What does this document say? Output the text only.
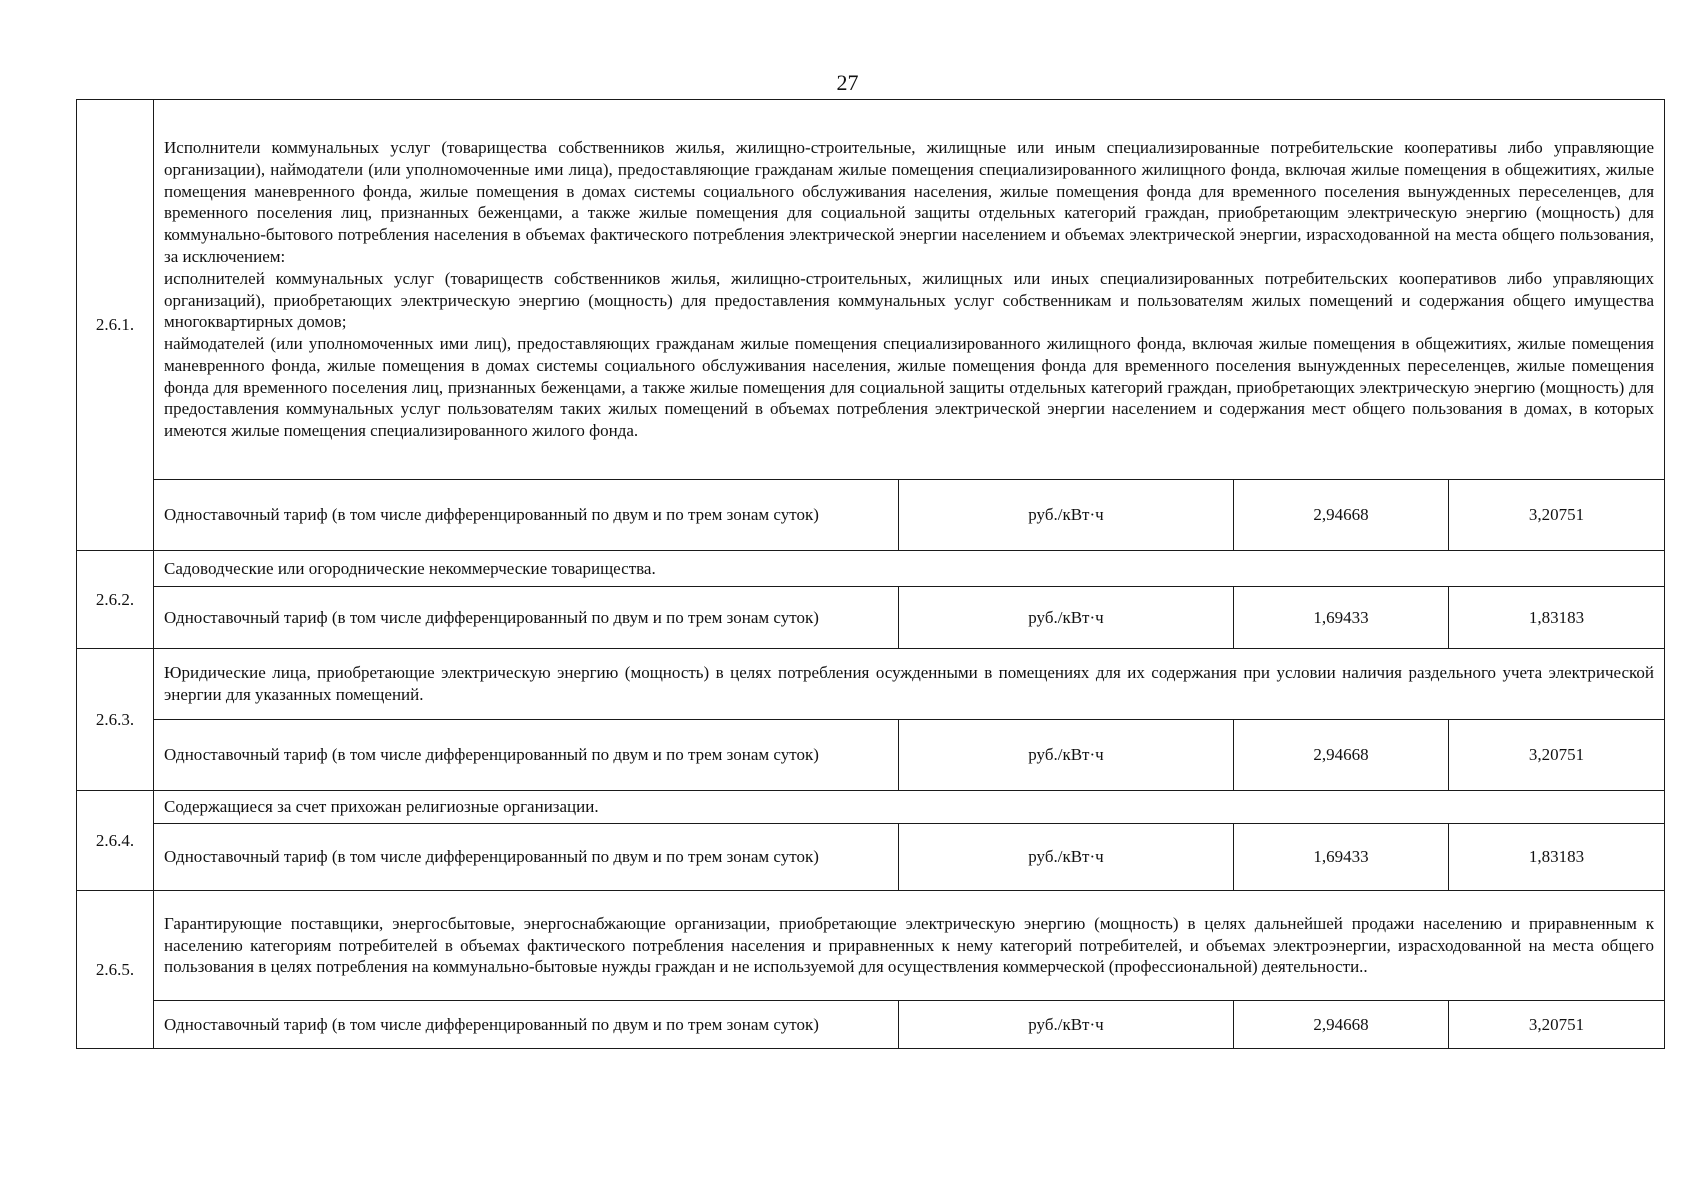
27
2.6.1.	Исполнители коммунальных услуг (товарищества собственников жилья, жилищно-строительные, жилищные или иным специализированные потребительские кооперативы либо управляющие организации), наймодатели (или уполномоченные ими лица), предоставляющие гражданам жилые помещения специализированного жилищного фонда, включая жилые помещения в общежитиях, жилые помещения маневренного фонда, жилые помещения в домах системы социального обслуживания населения, жилые помещения фонда для временного поселения вынужденных переселенцев, для временного поселения лиц, признанных беженцами, а также жилые помещения для социальной защиты отдельных категорий граждан, приобретающим электрическую энергию (мощность) для коммунально-бытового потребления населения в объемах фактического потребления электрической энергии населением и объемах электрической энергии, израсходованной на места общего пользования, за исключением:

исполнителей коммунальных услуг (товариществ собственников жилья, жилищно-строительных, жилищных или иных специализированных потребительских кооперативов либо управляющих организаций), приобретающих электрическую энергию (мощность) для предоставления коммунальных услуг собственникам и пользователям жилых помещений и содержания общего имущества многоквартирных домов;

наймодателей (или уполномоченных ими лиц), предоставляющих гражданам жилые помещения специализированного жилищного фонда, включая жилые помещения в общежитиях, жилые помещения маневренного фонда, жилые помещения в домах системы социального обслуживания населения, жилые помещения фонда для временного поселения вынужденных переселенцев, жилые помещения фонда для временного поселения лиц, признанных беженцами, а также жилые помещения для социальной защиты отдельных категорий граждан, приобретающих электрическую энергию (мощность) для предоставления коммунальных услуг пользователям таких жилых помещений в объемах потребления электрической энергии населением и содержания мест общего пользования в домах, в которых имеются жилые помещения специализированного жилого фонда.			

	Одноставочный тариф (в том числе дифференцированный по двум и по трем зонам суток)	руб./кВт·ч	2,94668	3,20751
2.6.2.	Садоводческие или огороднические некоммерческие товарищества.			

	Одноставочный тариф (в том числе дифференцированный по двум и по трем зонам суток)	руб./кВт·ч	1,69433	1,83183
2.6.3.	Юридические лица, приобретающие электрическую энергию (мощность) в целях потребления осужденными в помещениях для их содержания при условии наличия раздельного учета электрической энергии для указанных помещений.			

	Одноставочный тариф (в том числе дифференцированный по двум и по трем зонам суток)	руб./кВт·ч	2,94668	3,20751
2.6.4.	Содержащиеся за счет прихожан религиозные организации.			

	Одноставочный тариф (в том числе дифференцированный по двум и по трем зонам суток)	руб./кВт·ч	1,69433	1,83183
2.6.5.	Гарантирующие поставщики, энергосбытовые, энергоснабжающие организации, приобретающие электрическую энергию (мощность) в целях дальнейшей продажи населению и приравненным к населению категориям потребителей в объемах фактического потребления населения и приравненных к нему категорий потребителей, и объемах электроэнергии, израсходованной на места общего пользования в целях потребления на коммунально-бытовые нужды граждан и не используемой для осуществления коммерческой (профессиональной) деятельности..			

	Одноставочный тариф (в том числе дифференцированный по двум и по трем зонам суток)	руб./кВт·ч	2,94668	3,20751
